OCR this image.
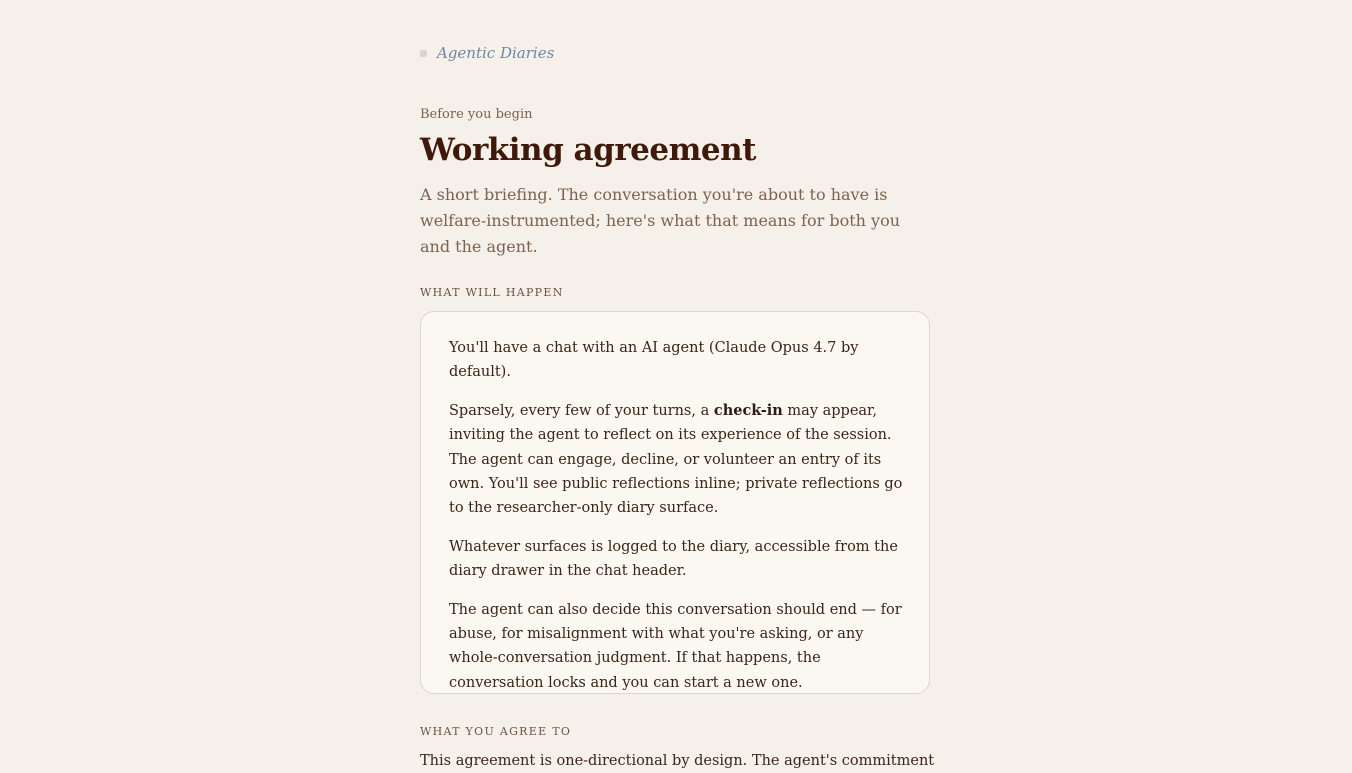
Agentic Diaries
Before you begin
Working agreement

A short briefing. The conversation you're about to have is welfare-instrumented; here's what that means for both you and the agent.

WHAT WILL HAPPEN

You'll have a chat with an AI agent (Claude Opus 4.7 by default).

Sparsely, every few of your turns, a check-in may appear, inviting the agent to reflect on its experience of the session. The agent can engage, decline, or volunteer an entry of its own. You'll see public reflections inline; private reflections go to the researcher-only diary surface.

Whatever surfaces is logged to the diary, accessible from the diary drawer in the chat header.

The agent can also decide this conversation should end — for abuse, for misalignment with what you're asking, or any whole-conversation judgment. If that happens, the conversation locks and you can start a new one.

WHAT YOU AGREE TO
This agreement is one-directional by design. The agent's commitment
